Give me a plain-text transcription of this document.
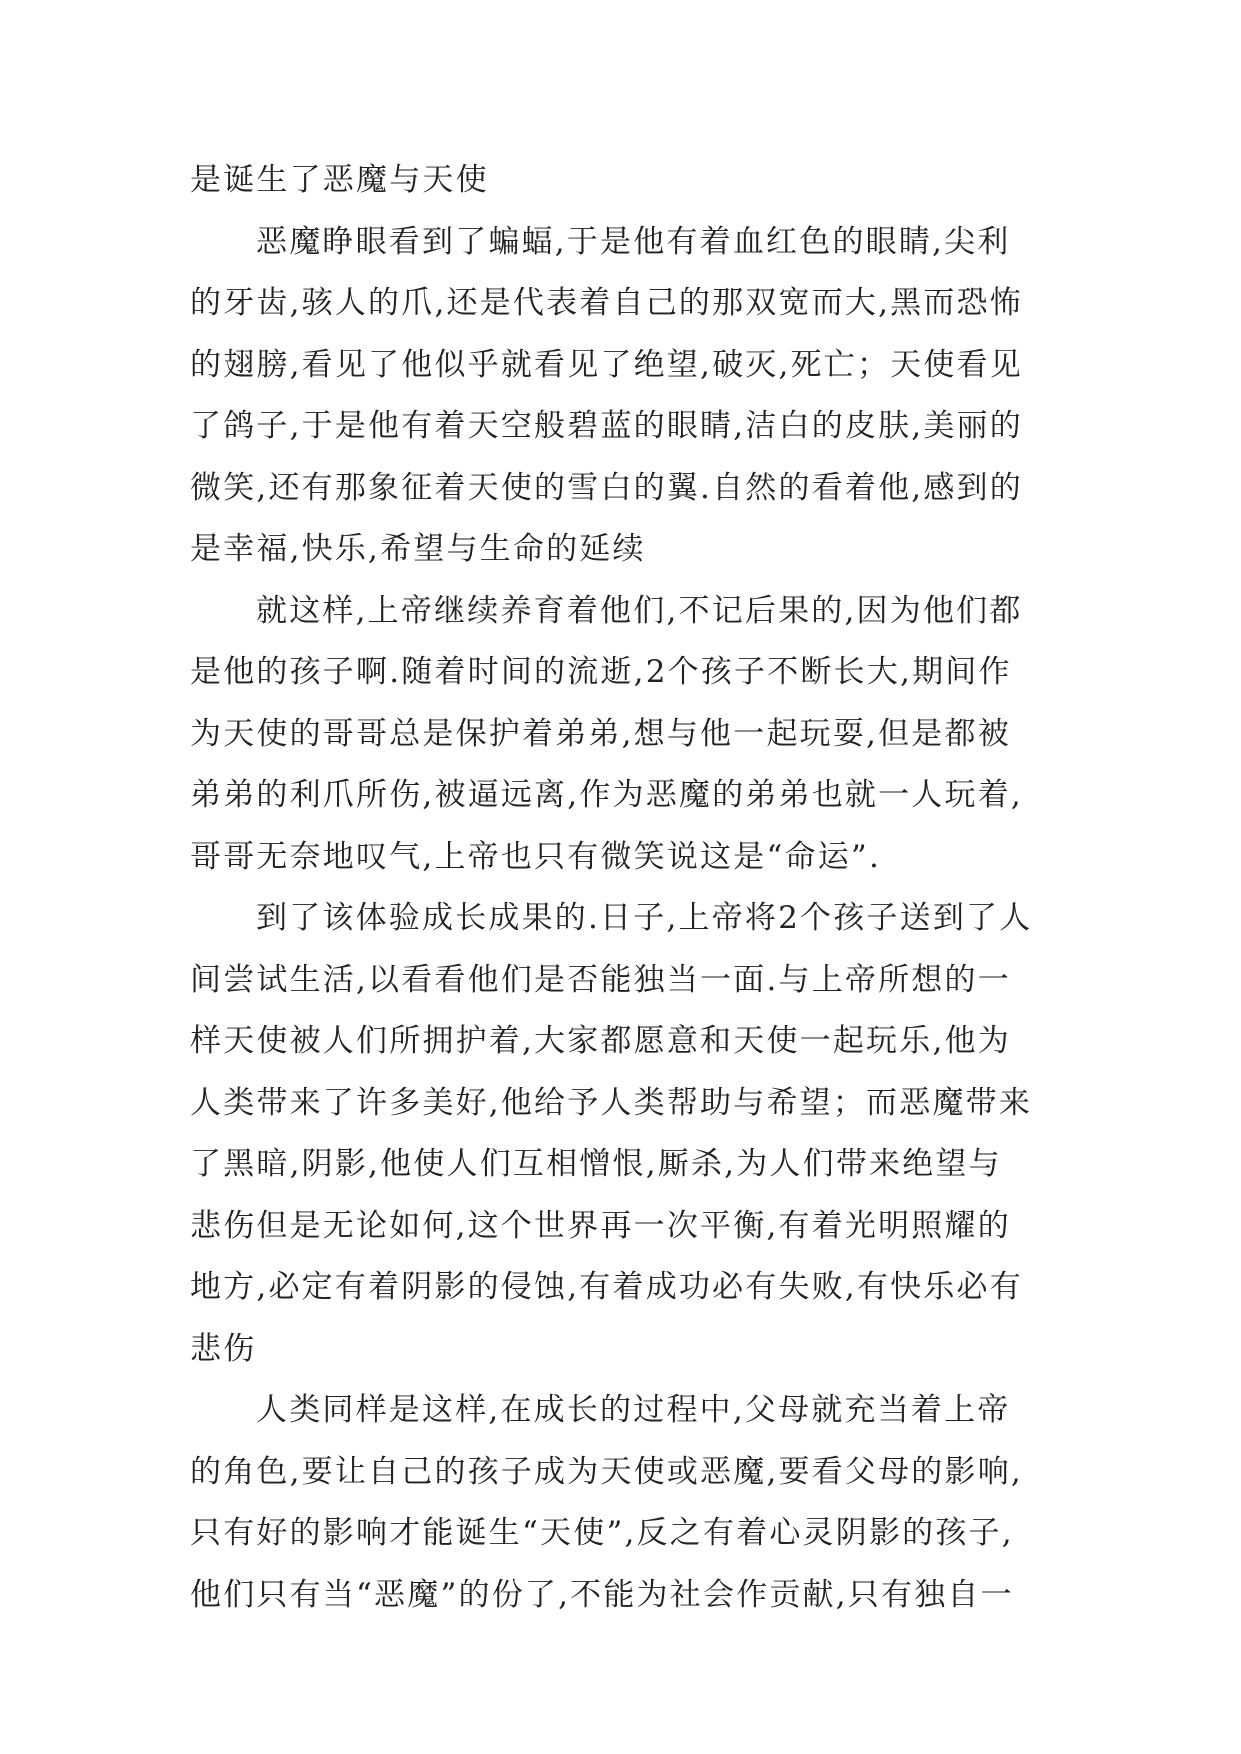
是诞生了恶魔与天使
恶魔睁眼看到了蝙蝠,于是他有着血红色的眼睛,尖利
的牙齿,骇人的爪,还是代表着自己的那双宽而大,黑而恐怖
的翅膀,看见了他似乎就看见了绝望,破灭,死亡；天使看见
了鸽子,于是他有着天空般碧蓝的眼睛,洁白的皮肤,美丽的
微笑,还有那象征着天使的雪白的翼.自然的看着他,感到的
是幸福,快乐,希望与生命的延续
就这样,上帝继续养育着他们,不记后果的,因为他们都
是他的孩子啊.随着时间的流逝,2个孩子不断长大,期间作
为天使的哥哥总是保护着弟弟,想与他一起玩耍,但是都被
弟弟的利爪所伤,被逼远离,作为恶魔的弟弟也就一人玩着,
哥哥无奈地叹气,上帝也只有微笑说这是“命运”.
到了该体验成长成果的.日子,上帝将2个孩子送到了人
间尝试生活,以看看他们是否能独当一面.与上帝所想的一
样天使被人们所拥护着,大家都愿意和天使一起玩乐,他为
人类带来了许多美好,他给予人类帮助与希望；而恶魔带来
了黑暗,阴影,他使人们互相憎恨,厮杀,为人们带来绝望与
悲伤但是无论如何,这个世界再一次平衡,有着光明照耀的
地方,必定有着阴影的侵蚀,有着成功必有失败,有快乐必有
悲伤
人类同样是这样,在成长的过程中,父母就充当着上帝
的角色,要让自己的孩子成为天使或恶魔,要看父母的影响,
只有好的影响才能诞生“天使”,反之有着心灵阴影的孩子,
他们只有当“恶魔”的份了,不能为社会作贡献,只有独自一
